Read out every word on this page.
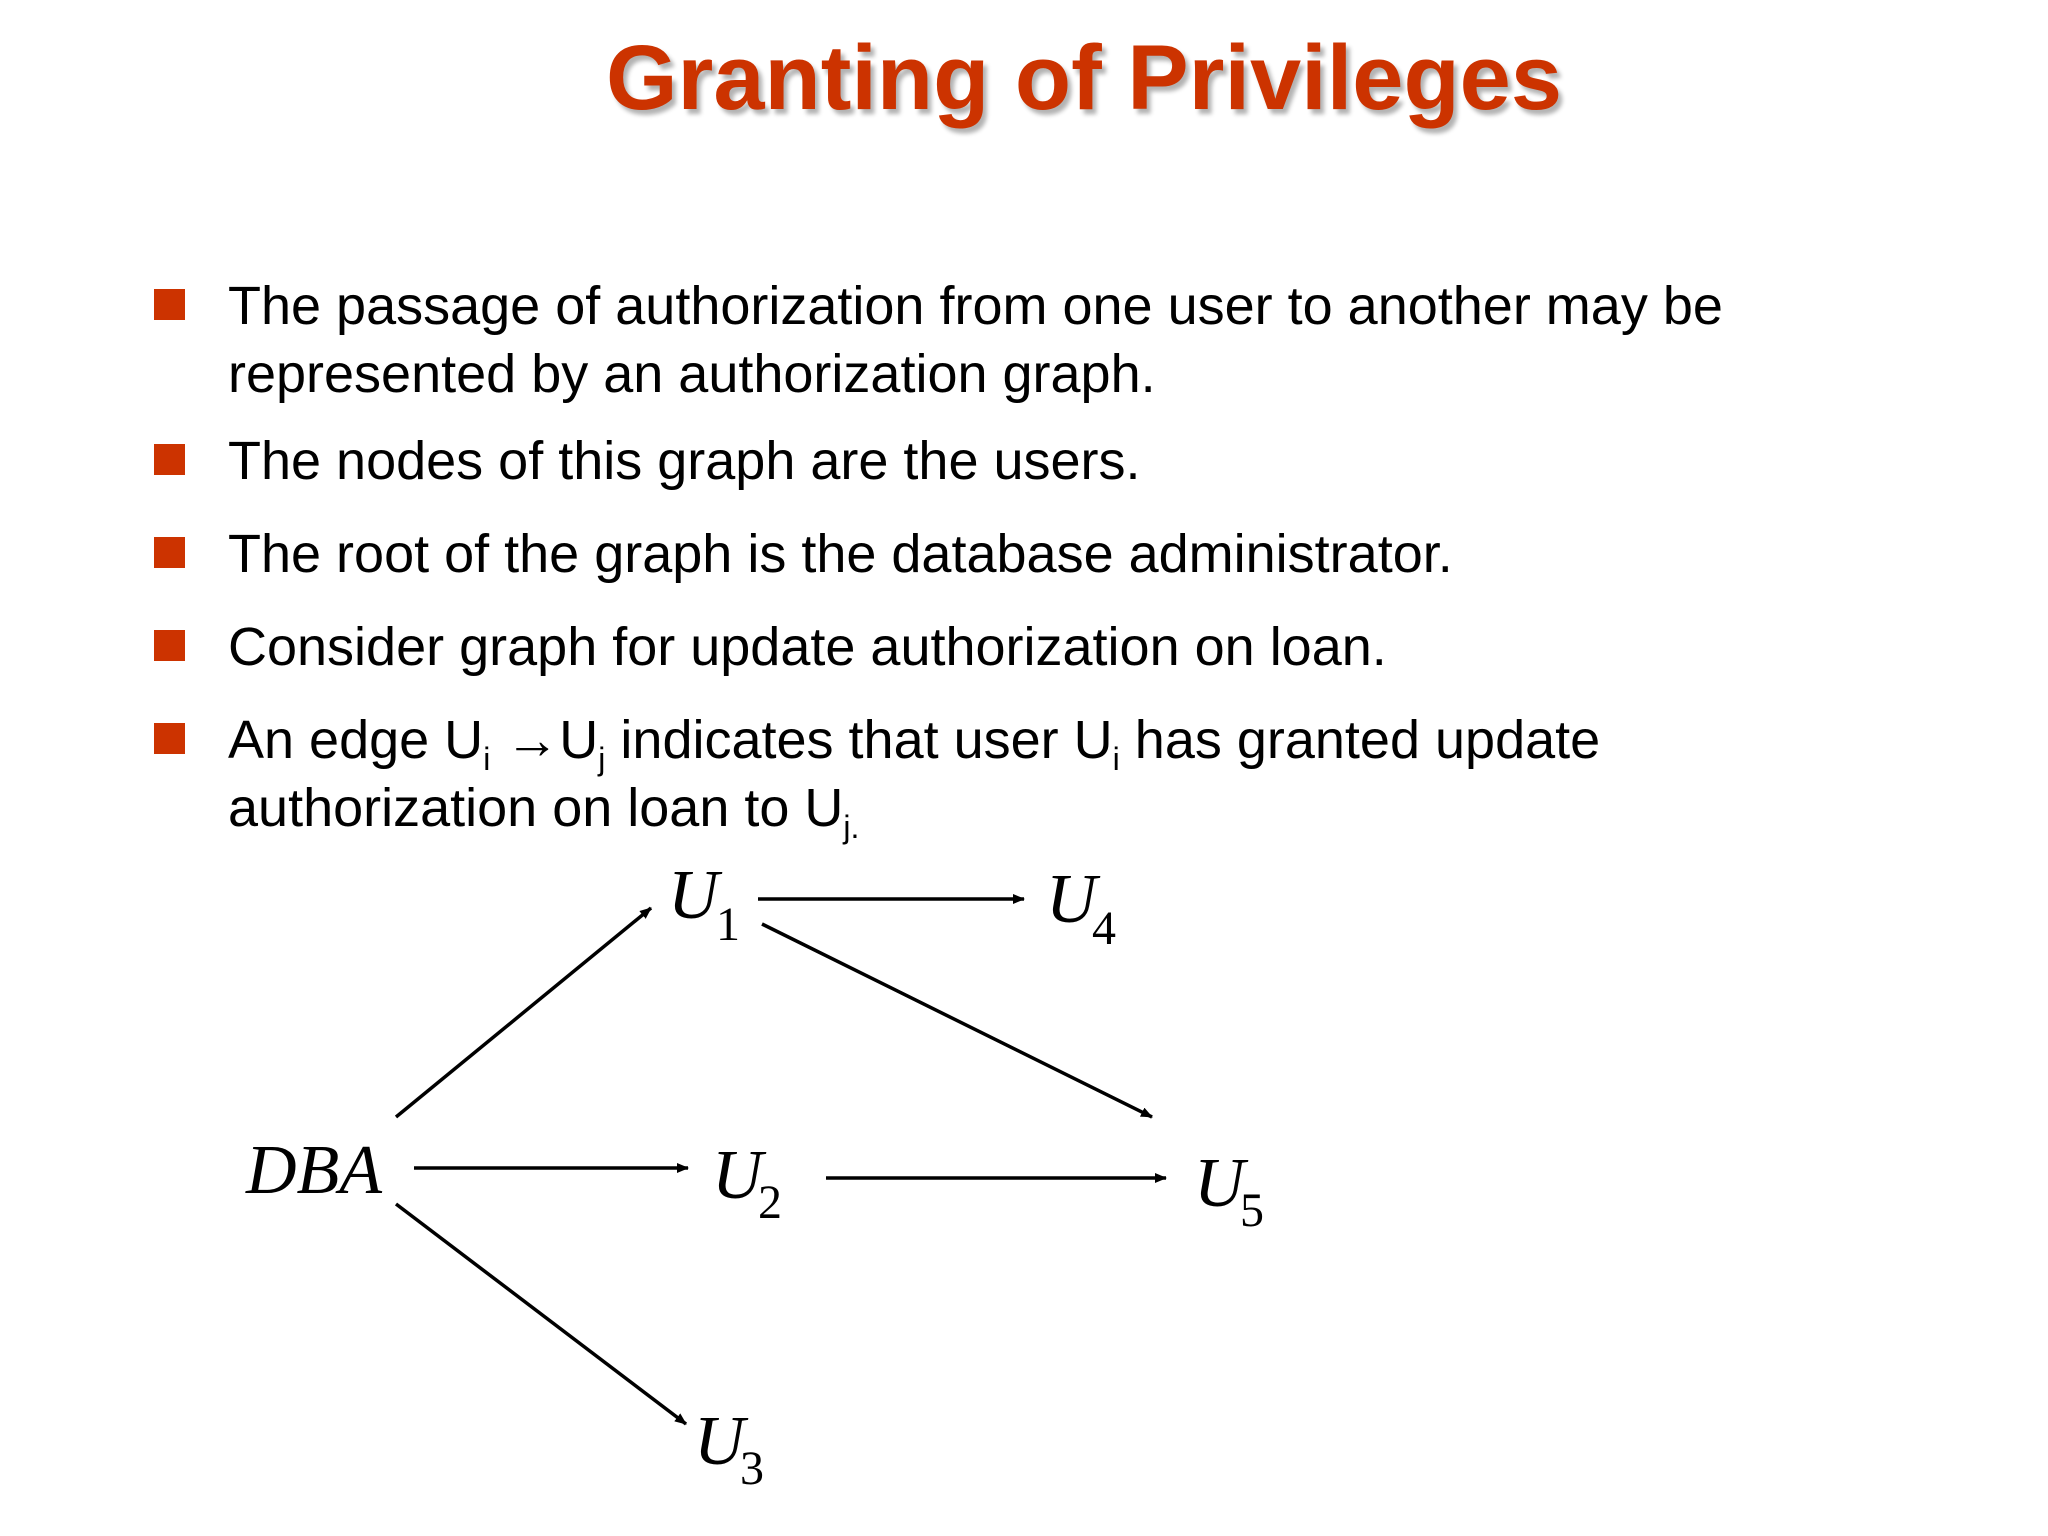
Granting of Privileges
The passage of authorization from one user to another may be
represented by an authorization graph.
The nodes of this graph are the users.
The root of the graph is the database administrator.
Consider graph for update authorization on loan.
An edge $U_i \to U_j$ indicates that user $U_i$ has granted update
authorization on loan to $U_{j.}$
DBA
U
1
U
2
U
3
U
4
U
5
